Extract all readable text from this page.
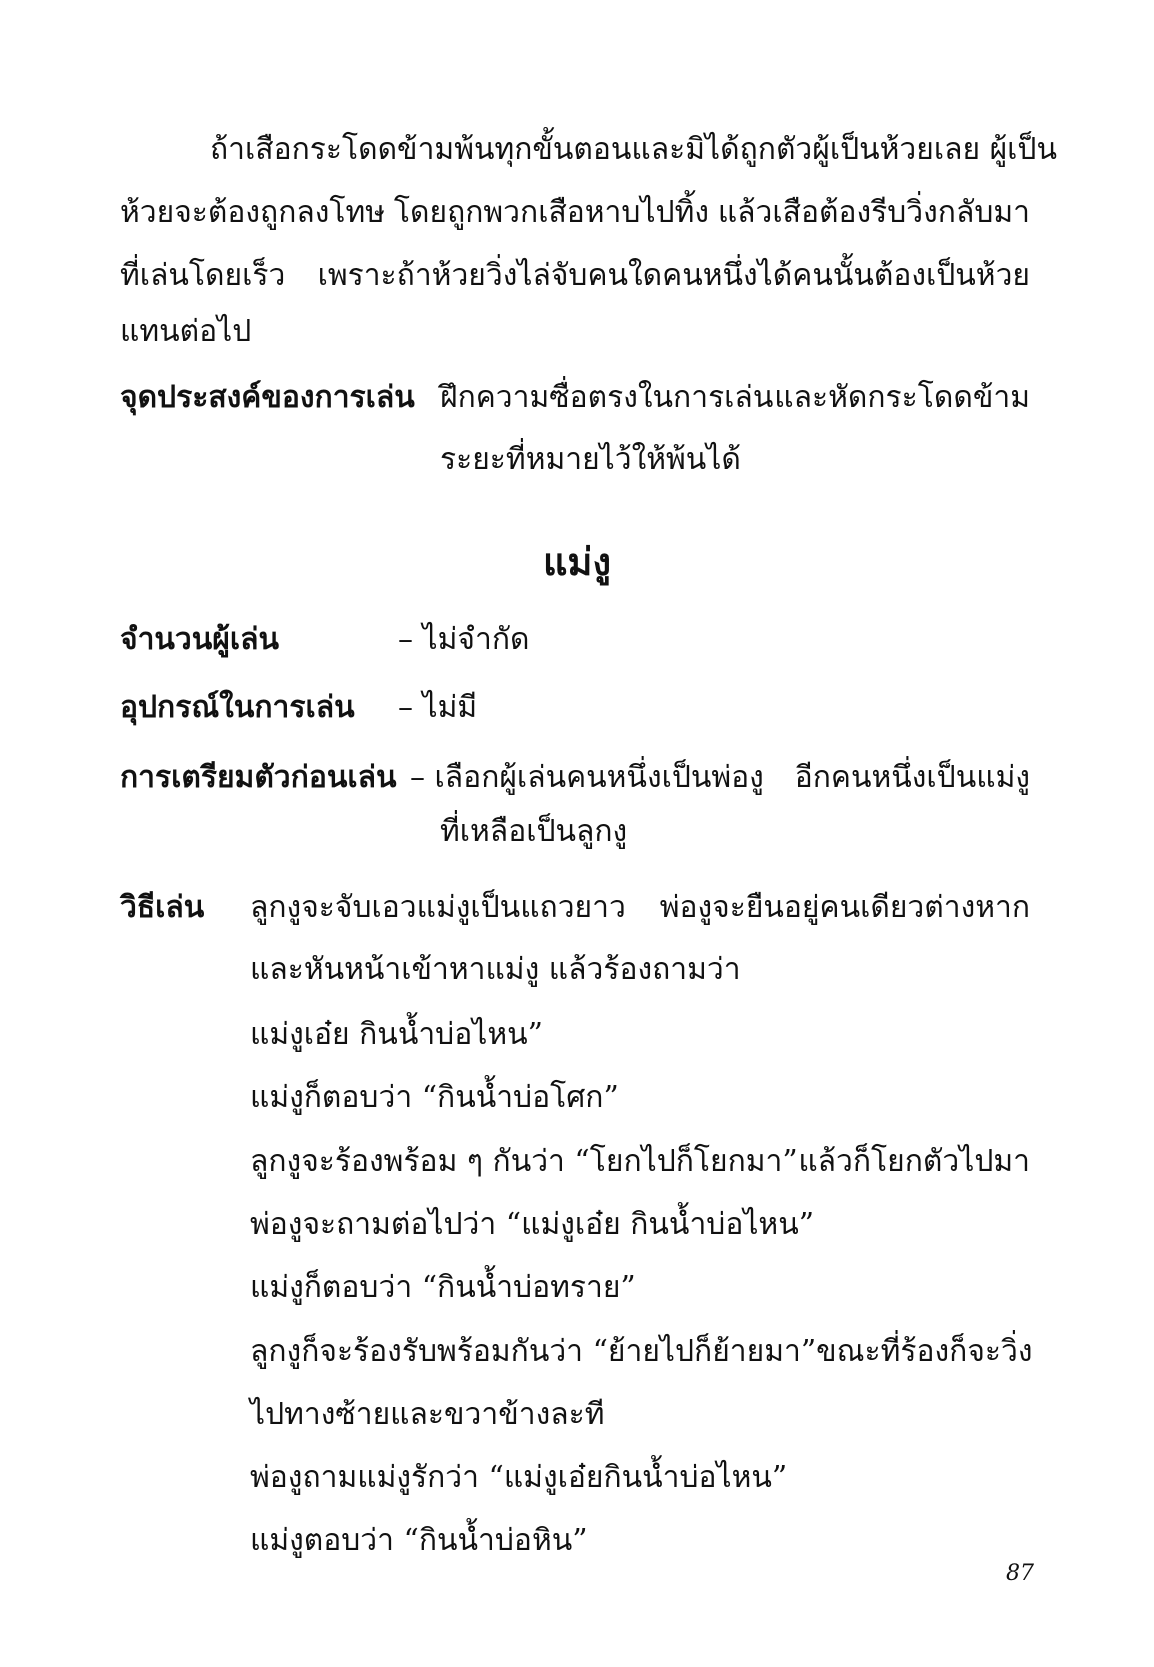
ถ้าเสือกระโดดข้ามพ้นทุกขั้นตอนและมิได้ถูกตัวผู้เป็นห้วยเลย ผู้เป็น
ห้วยจะต้องถูกลงโทษ โดยถูกพวกเสือหาบไปทิ้ง แล้วเสือต้องรีบวิ่งกลับมา
ที่เล่นโดยเร็ว เพราะถ้าห้วยวิ่งไล่จับคนใดคนหนึ่งได้คนนั้นต้องเป็นห้วย
แทนต่อไป
จุดประสงค์ของการเล่น ฝึกความซื่อตรงในการเล่น และหัดกระโดดข้าม
ระยะที่หมายไว้ให้พ้นได้
แม่งู
จำนวนผู้เล่น	– ไม่จำกัด
อุปกรณ์ในการเล่น – ไม่มี
การเตรียมตัวก่อนเล่น – เลือกผู้เล่นคนหนึ่งเป็นพ่องู อีกคนหนึ่งเป็นแม่งู
ที่เหลือเป็นลูกงู
วิธีเล่น ลูกงูจะจับเอวแม่งูเป็นแถวยาว พ่องูจะยืนอยู่คนเดียวต่างหาก
และหันหน้าเข้าหาแม่งู แล้วร้องถามว่า
แม่งูเอ๋ย กินน้ำบ่อไหน”
แม่งูก็ตอบว่า “กินน้ำบ่อโศก”
ลูกงูจะร้องพร้อม ๆ กันว่า “โยกไปก็โยกมา” แล้วก็โยกตัวไปมา
พ่องูจะถามต่อไปว่า “แม่งูเอ๋ย กินน้ำบ่อไหน”
แม่งูก็ตอบว่า “กินน้ำบ่อทราย”
ลูกงูก็จะร้องรับพร้อมกันว่า “ย้ายไปก็ย้ายมา” ขณะที่ร้องก็จะวิ่ง
ไปทางซ้ายและขวาข้างละที
พ่องูถามแม่งูรักว่า “แม่งูเอ๋ยกินน้ำบ่อไหน”
แม่งูตอบว่า “กินน้ำบ่อหิน”
87
